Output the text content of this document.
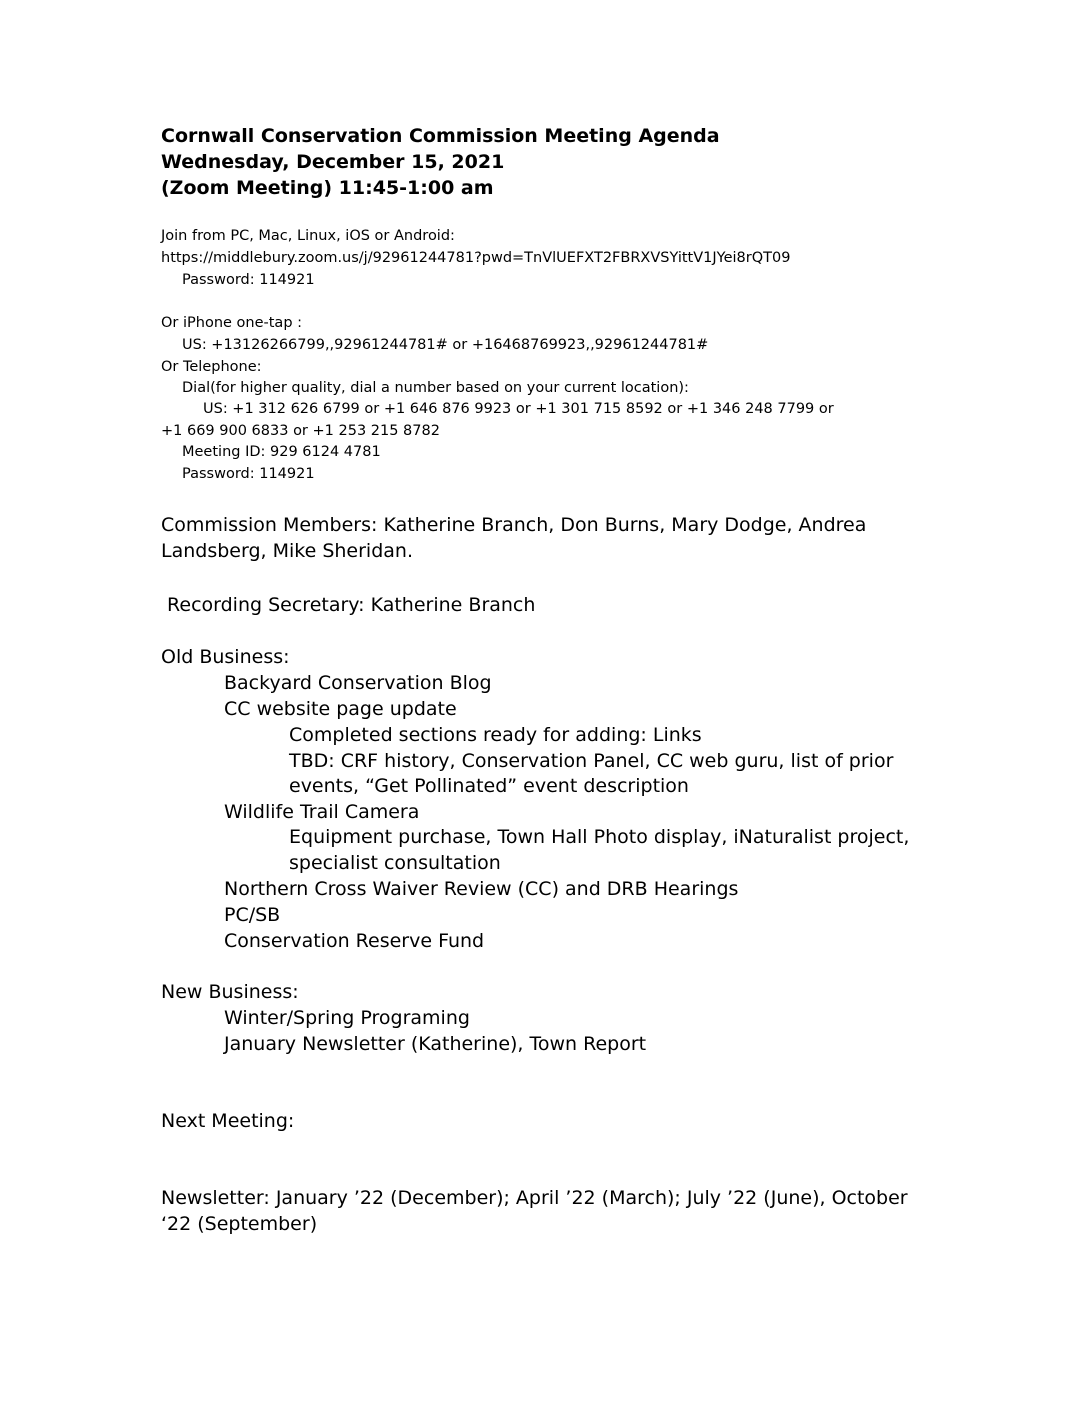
Cornwall Conservation Commission Meeting Agenda
Wednesday, December 15, 2021
(Zoom Meeting) 11:45-1:00 am
Join from PC, Mac, Linux, iOS or Android:
https://middlebury.zoom.us/j/92961244781?pwd=TnVlUEFXT2FBRXVSYittV1JYei8rQT09
Password: 114921
Or iPhone one-tap :
US: +13126266799,,92961244781# or +16468769923,,92961244781#
Or Telephone:
Dial(for higher quality, dial a number based on your current location):
US: +1 312 626 6799 or +1 646 876 9923 or +1 301 715 8592 or +1 346 248 7799 or
+1 669 900 6833 or +1 253 215 8782
Meeting ID: 929 6124 4781
Password: 114921
Commission Members: Katherine Branch, Don Burns, Mary Dodge, Andrea
Landsberg, Mike Sheridan.
Recording Secretary: Katherine Branch
Old Business:
Backyard Conservation Blog
CC website page update
Completed sections ready for adding: Links
TBD: CRF history, Conservation Panel, CC web guru, list of prior
events, “Get Pollinated” event description
Wildlife Trail Camera
Equipment purchase, Town Hall Photo display, iNaturalist project,
specialist consultation
Northern Cross Waiver Review (CC) and DRB Hearings
PC/SB
Conservation Reserve Fund
New Business:
Winter/Spring Programing
January Newsletter (Katherine), Town Report
Next Meeting:
Newsletter: January ’22 (December); April ’22 (March); July ’22 (June), October
‘22 (September)
